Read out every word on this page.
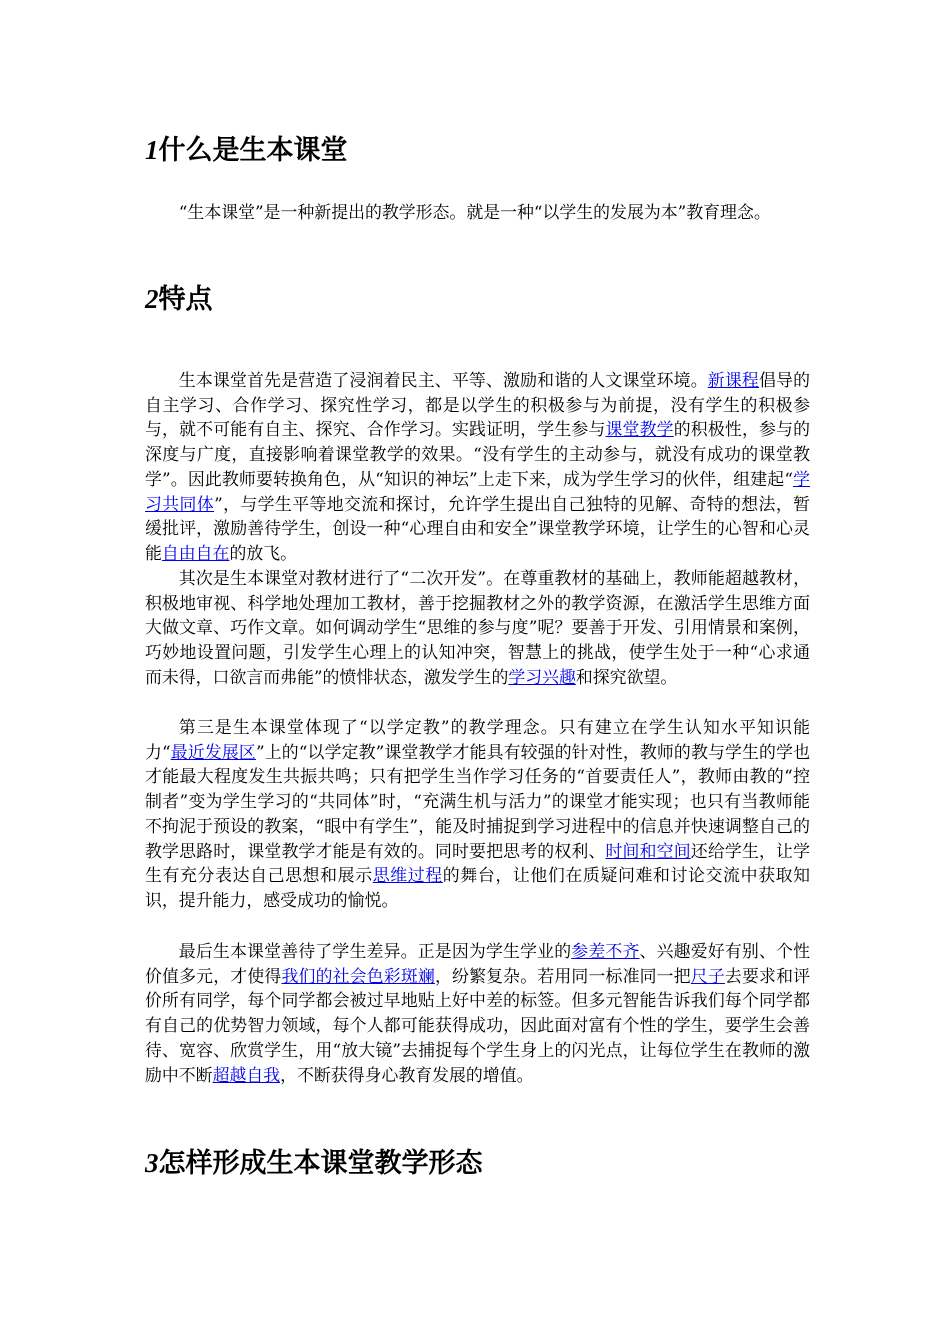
1什么是生本课堂

“生本课堂”是一种新提出的教学形态。就是一种“以学生的发展为本”教育理念。

2特点

生本课堂首先是营造了浸润着民主、平等、激励和谐的人文课堂环境。新课程倡导的自主学习、合作学习、探究性学习，都是以学生的积极参与为前提，没有学生的积极参与，就不可能有自主、探究、合作学习。实践证明，学生参与课堂教学的积极性，参与的深度与广度，直接影响着课堂教学的效果。“没有学生的主动参与，就没有成功的课堂教学”。因此教师要转换角色，从“知识的神坛”上走下来，成为学生学习的伙伴，组建起“学习共同体”，与学生平等地交流和探讨，允许学生提出自己独特的见解、奇特的想法，暂缓批评，激励善待学生，创设一种“心理自由和安全”课堂教学环境，让学生的心智和心灵能自由自在的放飞。

其次是生本课堂对教材进行了“二次开发”。在尊重教材的基础上，教师能超越教材，积极地审视、科学地处理加工教材，善于挖掘教材之外的教学资源，在激活学生思维方面大做文章、巧作文章。如何调动学生“思维的参与度”呢？要善于开发、引用情景和案例，巧妙地设置问题，引发学生心理上的认知冲突，智慧上的挑战，使学生处于一种“心求通而未得，口欲言而弗能”的愤悱状态，激发学生的学习兴趣和探究欲望。

第三是生本课堂体现了“以学定教”的教学理念。只有建立在学生认知水平知识能力“最近发展区”上的“以学定教”课堂教学才能具有较强的针对性，教师的教与学生的学也才能最大程度发生共振共鸣；只有把学生当作学习任务的“首要责任人”，教师由教的“控制者”变为学生学习的“共同体”时，“充满生机与活力”的课堂才能实现；也只有当教师能不拘泥于预设的教案，“眼中有学生”，能及时捕捉到学习进程中的信息并快速调整自己的教学思路时，课堂教学才能是有效的。同时要把思考的权利、时间和空间还给学生，让学生有充分表达自己思想和展示思维过程的舞台，让他们在质疑问难和讨论交流中获取知识，提升能力，感受成功的愉悦。

最后生本课堂善待了学生差异。正是因为学生学业的参差不齐、兴趣爱好有别、个性价值多元，才使得我们的社会色彩斑斓，纷繁复杂。若用同一标准同一把尺子去要求和评价所有同学，每个同学都会被过早地贴上好中差的标签。但多元智能告诉我们每个同学都有自己的优势智力领域，每个人都可能获得成功，因此面对富有个性的学生，要学生会善待、宽容、欣赏学生，用“放大镜”去捕捉每个学生身上的闪光点，让每位学生在教师的激励中不断超越自我，不断获得身心教育发展的增值。

3怎样形成生本课堂教学形态
